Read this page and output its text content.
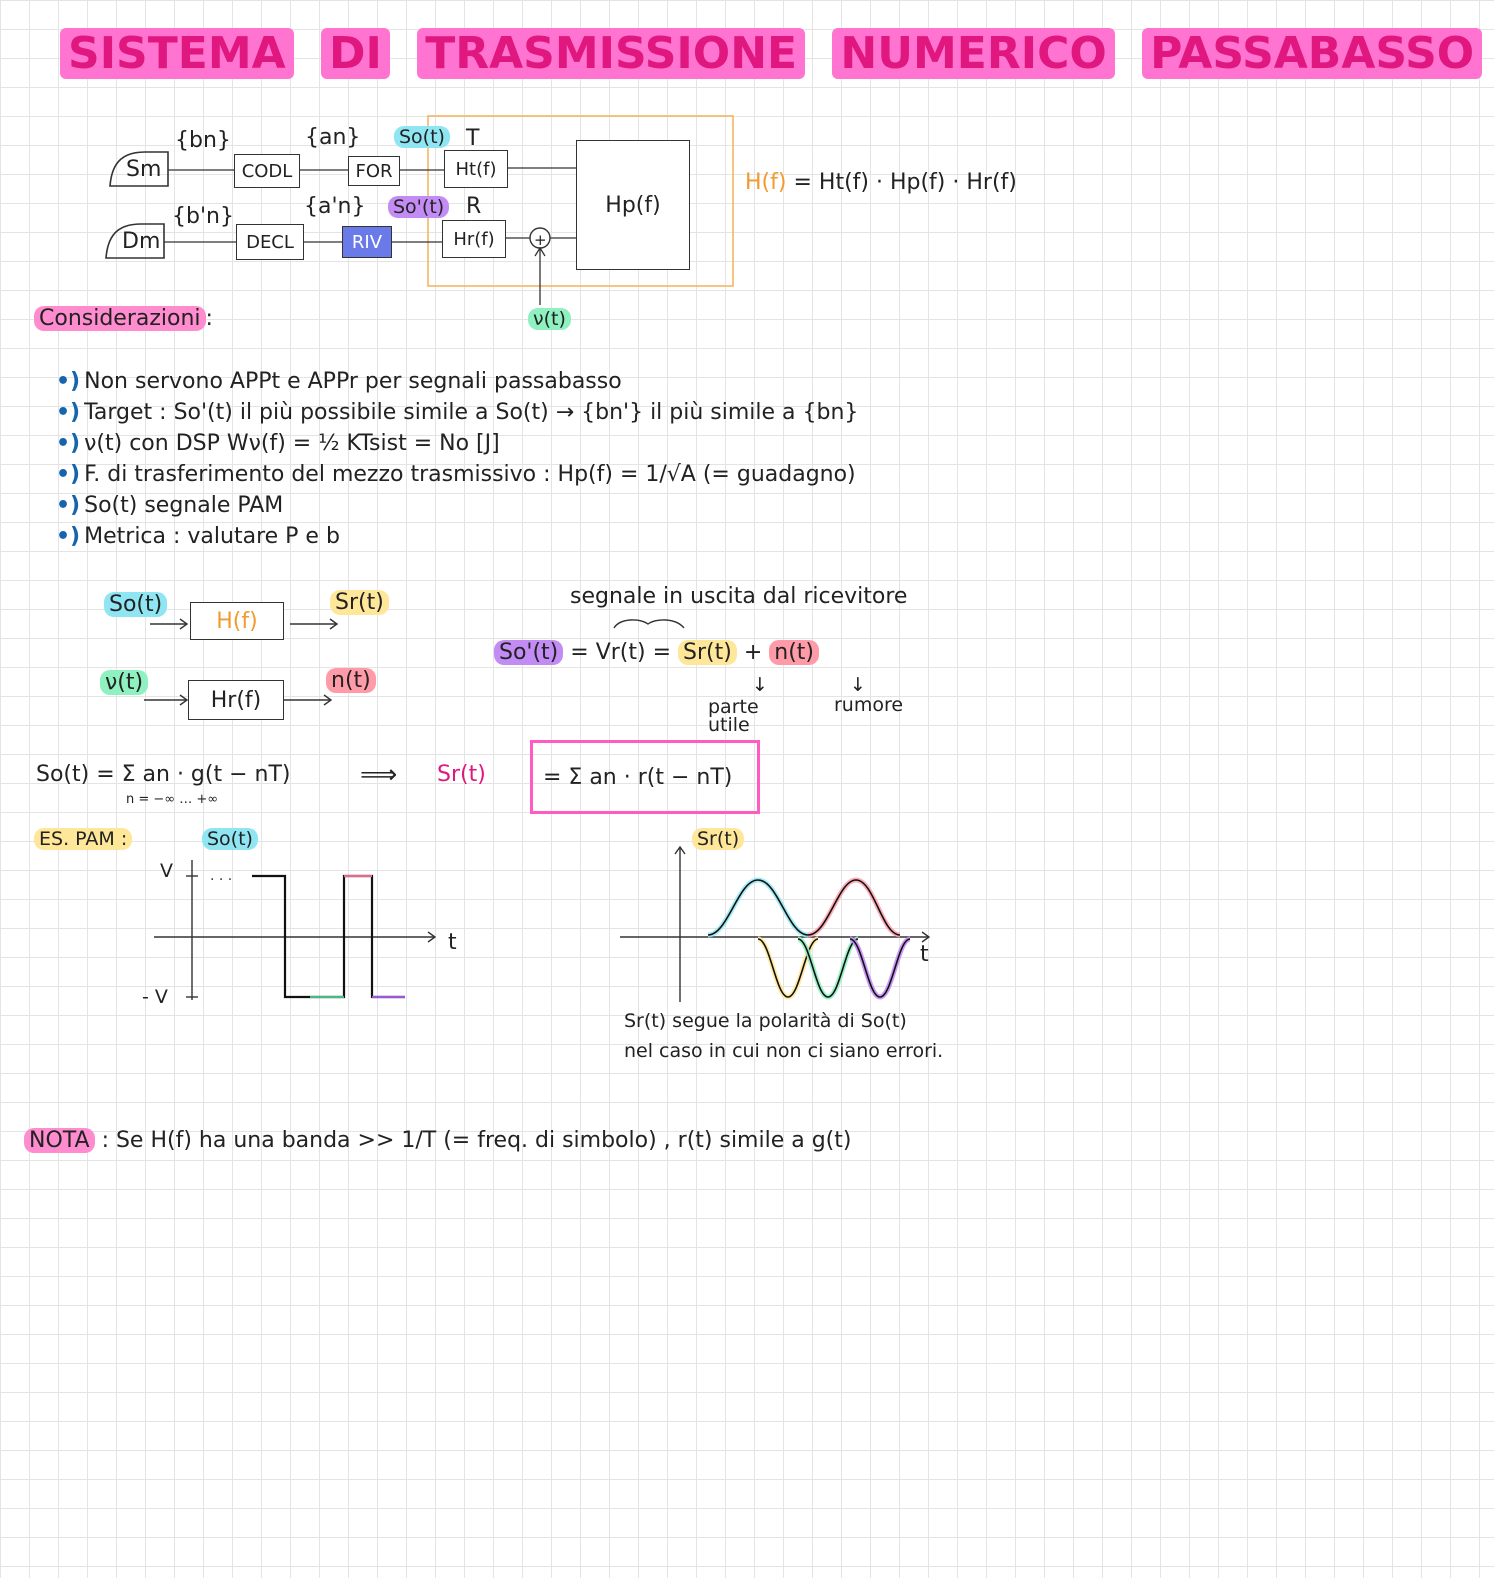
SISTEMA DI TRASMISSIONE NUMERICO PASSABASSO
+
Sm
Dm
{bn}	{an}
{b'n}	{a'n}
CODL	FOR
DECL	RIV
Ht(f)
Hr(f)
Hp(f)
So(t) T
So'(t) R
ν(t)
H(f) = Ht(f) · Hp(f) · Hr(f)
Considerazioni :
•) Non servono APPt e APPr per segnali passabasso
•) Target : So'(t) il più possibile simile a So(t) → {bn'} il più simile a {bn}
•) ν(t) con DSP Wν(f) = ½ KTsist = No [J]
•) F. di trasferimento del mezzo trasmissivo : Hp(f) = 1/√A (= guadagno)
•) So(t) segnale PAM
•) Metrica : valutare P e b
So(t)
H(f)
Sr(t)
ν(t)
Hr(f)
n(t)
segnale in uscita dal ricevitore
So'(t) = Vr(t) = Sr(t) + n(t)
↓	↓
parte utile
rumore
So(t) = Σ an · g(t − nT)
n = −∞ … +∞
⟹ Sr(t)	= Σ an · r(t − nT)
ES. PAM :	So(t)	Sr(t)
. . .
V
- V
t	t
Sr(t) segue la polarità di So(t)
nel caso in cui non ci siano errori.
NOTA : Se H(f) ha una banda >> 1/T (= freq. di simbolo) , r(t) simile a g(t)
